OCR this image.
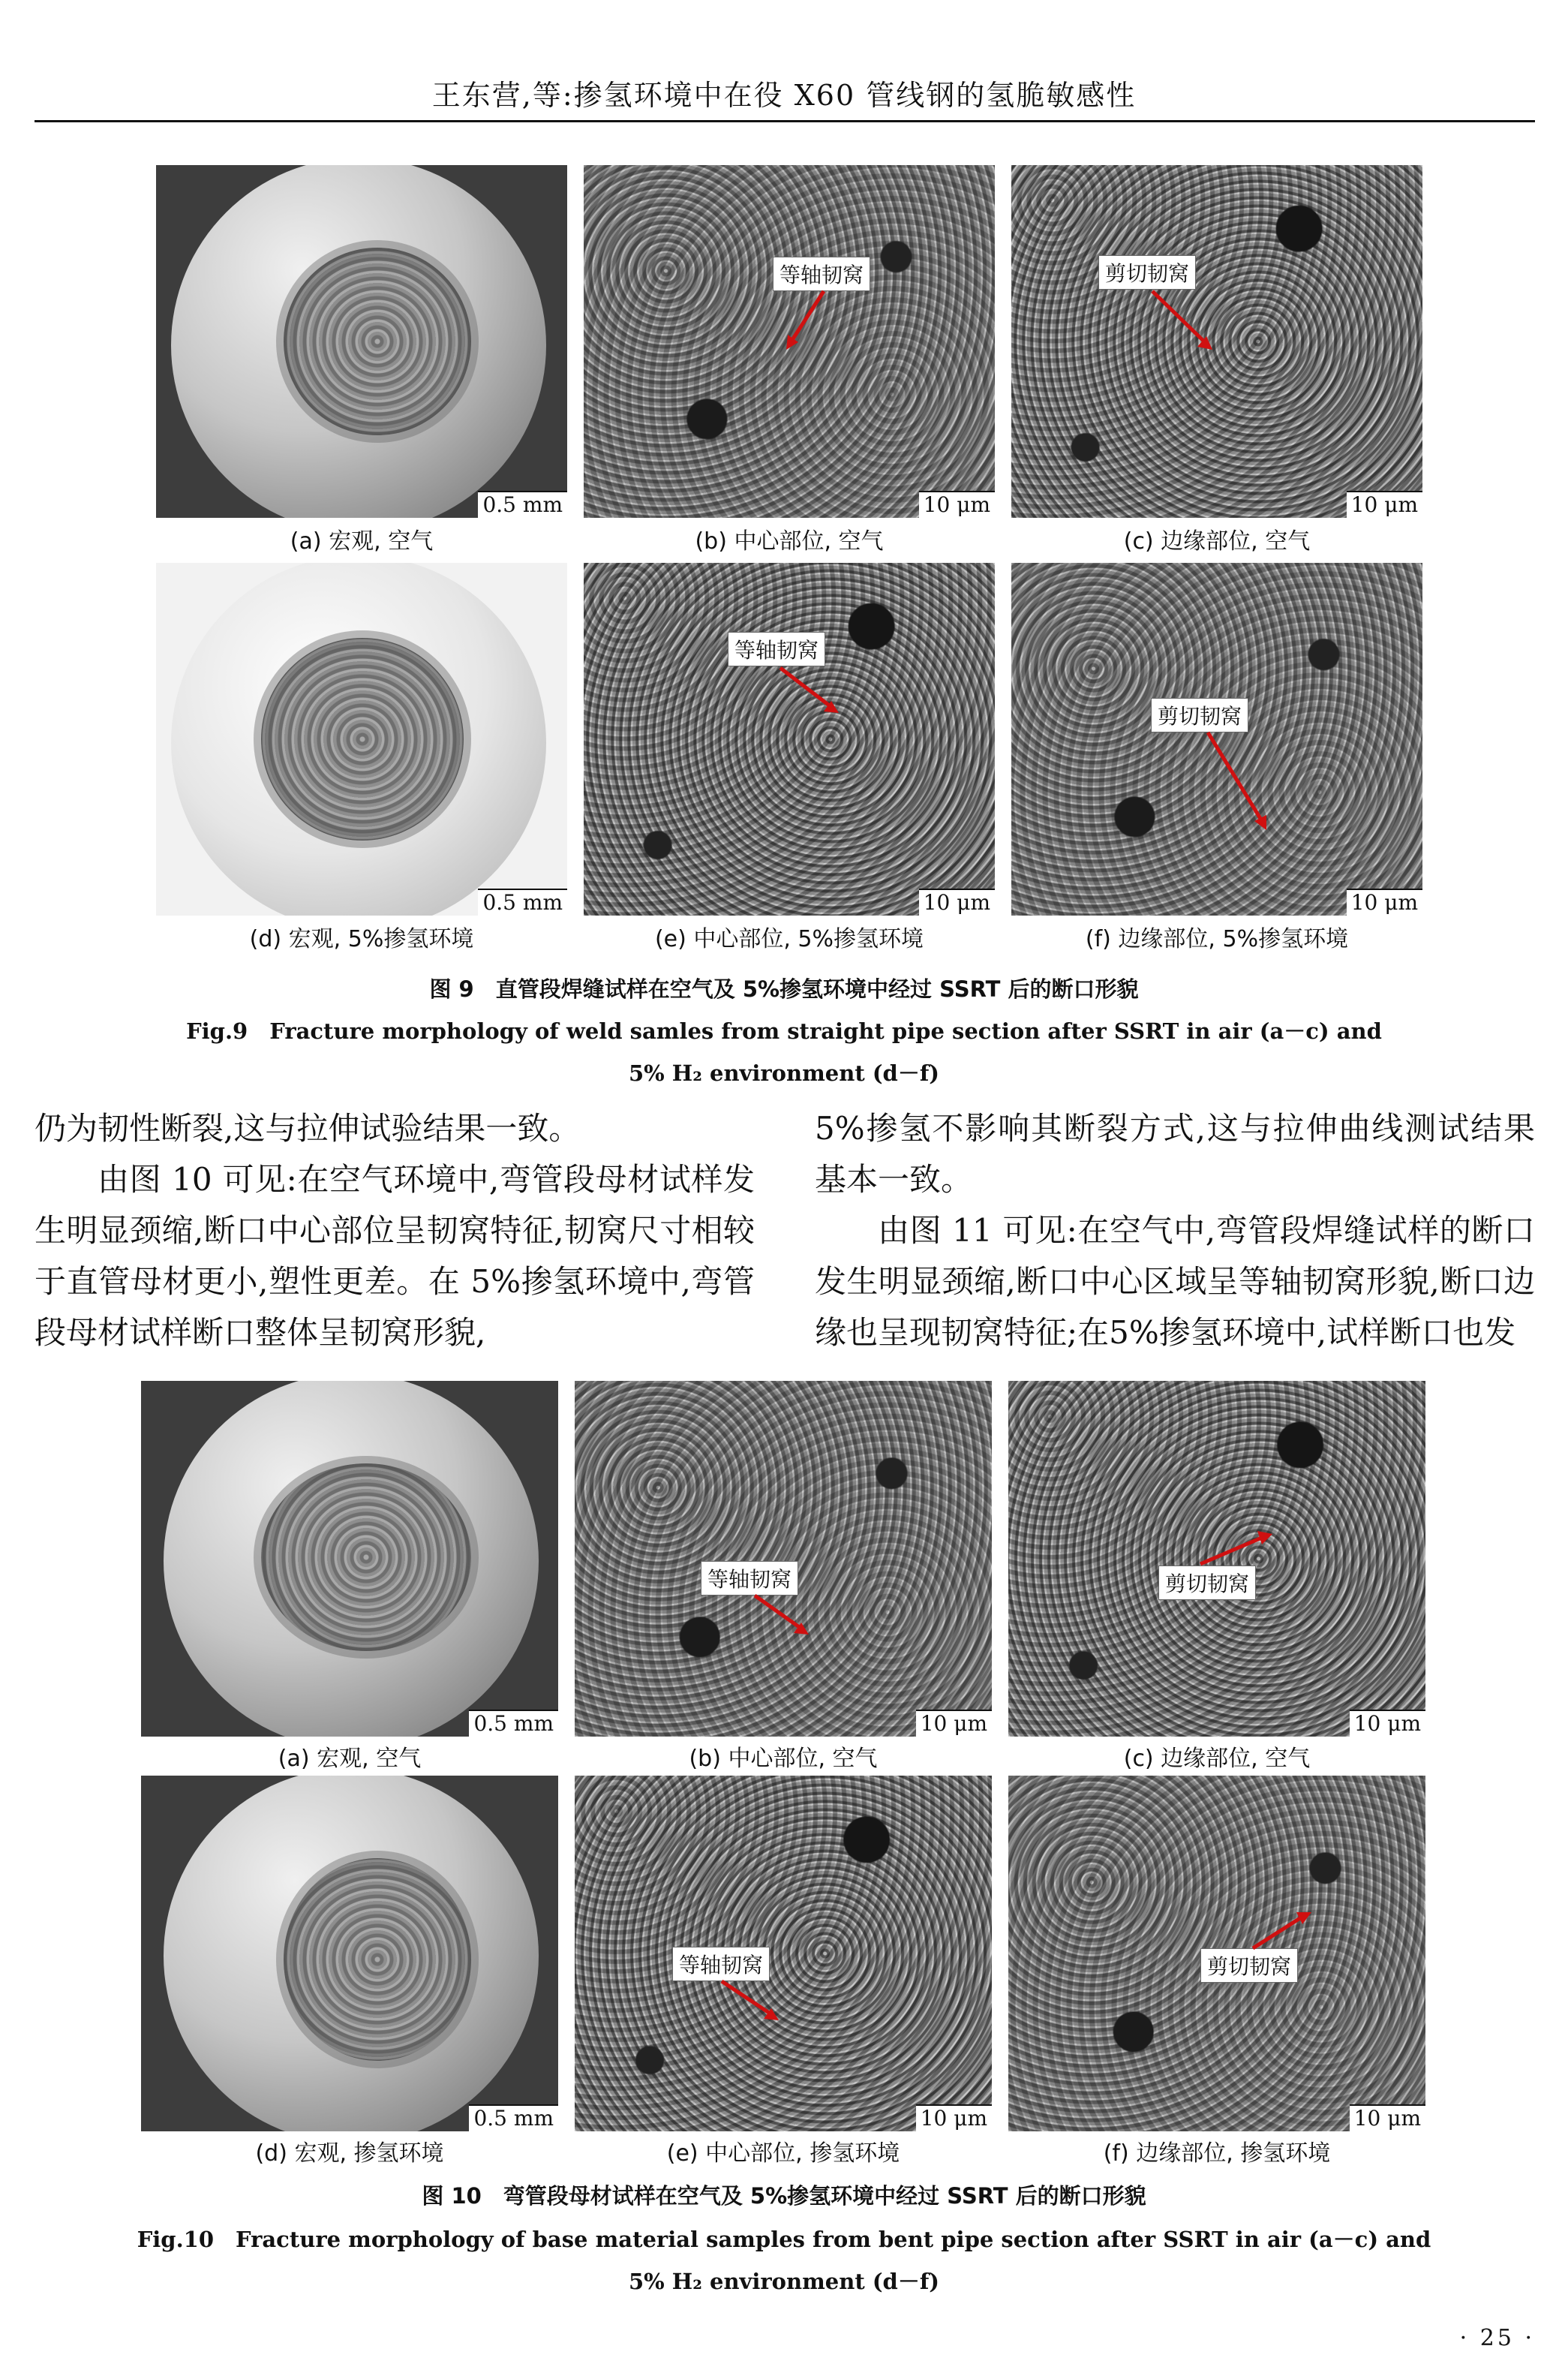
王东营,等:掺氢环境中在役 X60 管线钢的氢脆敏感性
0.5 mm
等轴韧窝
10 μm
剪切韧窝
10 μm
(a) 宏观, 空气	(b) 中心部位, 空气	(c) 边缘部位, 空气
0.5 mm
等轴韧窝
10 μm
剪切韧窝
10 μm
(d) 宏观, 5%掺氢环境	(e) 中心部位, 5%掺氢环境	(f) 边缘部位, 5%掺氢环境
图 9　直管段焊缝试样在空气及 5%掺氢环境中经过 SSRT 后的断口形貌
Fig.9　Fracture morphology of weld samles from straight pipe section after SSRT in air (a－c) and
5% H₂ environment (d－f)

仍为韧性断裂,这与拉伸试验结果一致。

由图 10 可见:在空气环境中,弯管段母材试样发生明显颈缩,断口中心部位呈韧窝特征,韧窝尺寸相较于直管母材更小,塑性更差。在 5%掺氢环境中,弯管段母材试样断口整体呈韧窝形貌,

5%掺氢不影响其断裂方式,这与拉伸曲线测试结果基本一致。

由图 11 可见:在空气中,弯管段焊缝试样的断口发生明显颈缩,断口中心区域呈等轴韧窝形貌,断口边缘也呈现韧窝特征;在5%掺氢环境中,试样断口也发

0.5 mm
等轴韧窝
10 μm
剪切韧窝
10 μm
(a) 宏观, 空气	(b) 中心部位, 空气	(c) 边缘部位, 空气
0.5 mm
等轴韧窝
10 μm
剪切韧窝
10 μm
(d) 宏观, 掺氢环境	(e) 中心部位, 掺氢环境	(f) 边缘部位, 掺氢环境
图 10　弯管段母材试样在空气及 5%掺氢环境中经过 SSRT 后的断口形貌
Fig.10　Fracture morphology of base material samples from bent pipe section after SSRT in air (a－c) and
5% H₂ environment (d－f)
· 25 ·
